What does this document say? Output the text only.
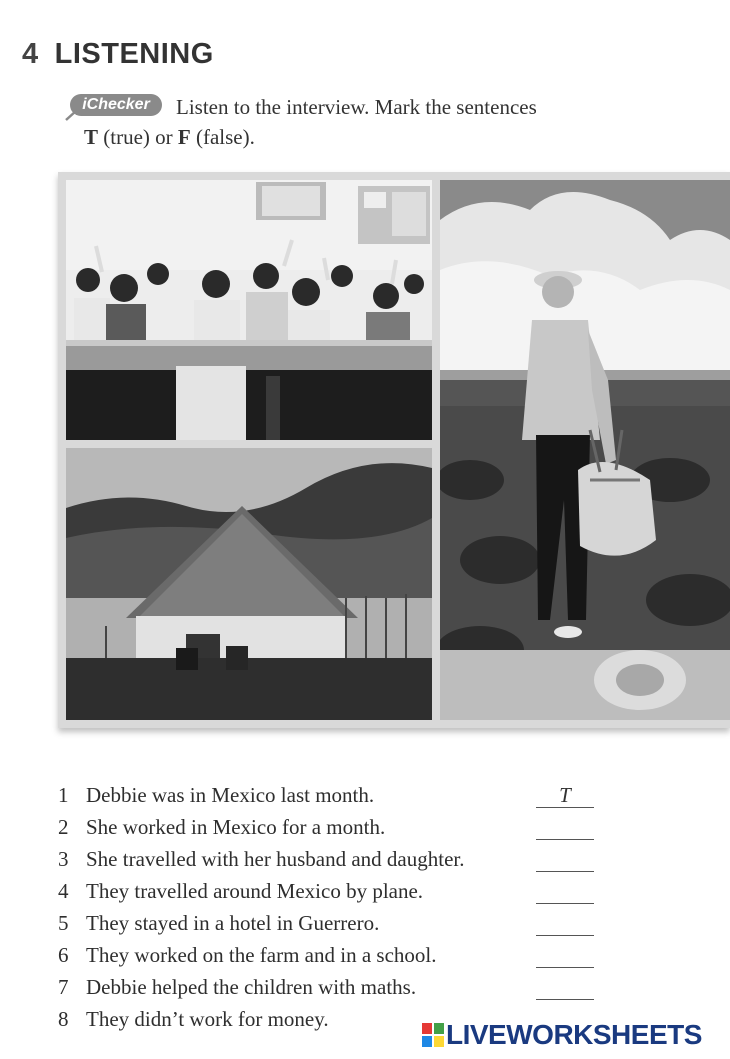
4 LISTENING
iChecker	Listen to the interview. Mark the sentences
T (true) or F (false).
1 Debbie was in Mexico last month.	T
2 She worked in Mexico for a month.
3 She travelled with her husband and daughter.
4 They travelled around Mexico by plane.
5 They stayed in a hotel in Guerrero.
6 They worked on the farm and in a school.
7 Debbie helped the children with maths.
8 They didn’t work for money.	LIVEWORKSHEETS
